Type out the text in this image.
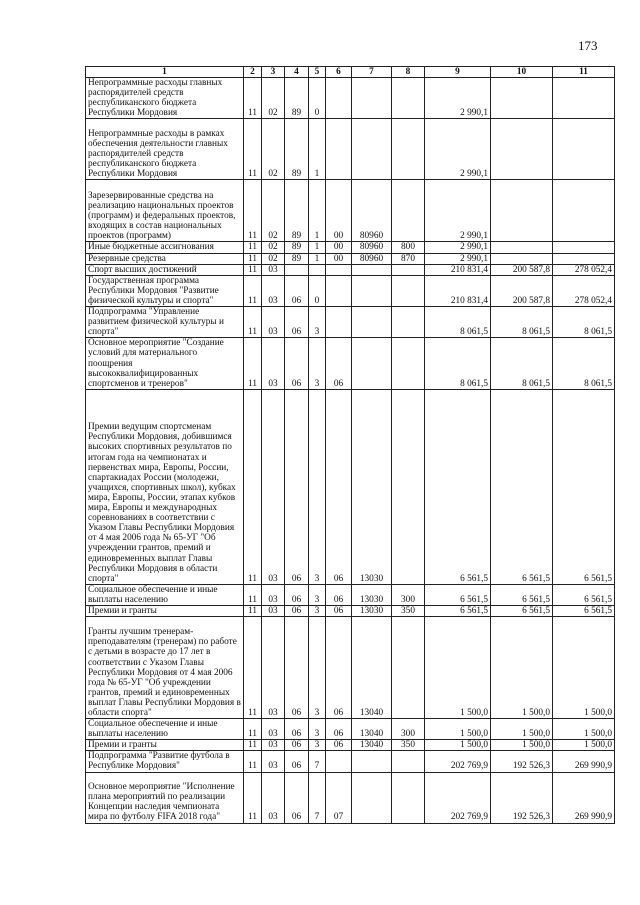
173
1	2	3	4	5	6	7	8	9	10	11
Непрограммные расходы главных распорядителей средств республиканского бюджета Республики Мордовия	11	02	89	0				2 990,1		
Непрограммные расходы в рамках обеспечения деятельности главных распорядителей средств республиканского бюджета Республики Мордовия	11	02	89	1				2 990,1		
Зарезервированные средства на реализацию национальных проектов (программ) и федеральных проектов, входящих в состав национальных проектов (программ)	11	02	89	1	00	80960		2 990,1		
Иные бюджетные ассигнования	11	02	89	1	00	80960	800	2 990,1		
Резервные средства	11	02	89	1	00	80960	870	2 990,1		
Спорт высших достижений	11	03						210 831,4	200 587,8	278 052,4
Государственная программа Республики Мордовия "Развитие физической культуры и спорта"	11	03	06	0				210 831,4	200 587,8	278 052,4
Подпрограмма "Управление развитием физической культуры и спорта"	11	03	06	3				8 061,5	8 061,5	8 061,5
Основное мероприятие "Создание условий для материального поощрения высококвалифицированных спортсменов и тренеров"	11	03	06	3	06			8 061,5	8 061,5	8 061,5
Премии ведущим спортсменам Республики Мордовия, добившимся высоких спортивных результатов по итогам года на чемпионатах и первенствах мира, Европы, России, спартакиадах России (молодежи, учащихся, спортивных школ), кубках мира, Европы, России, этапах кубков мира, Европы и международных соревнованиях в соответствии с Указом Главы Республики Мордовия от 4 мая 2006 года № 65-УГ "Об учреждении грантов, премий и единовременных выплат Главы Республики Мордовия в области спорта"	11	03	06	3	06	13030		6 561,5	6 561,5	6 561,5
Социальное обеспечение и иные выплаты населению	11	03	06	3	06	13030	300	6 561,5	6 561,5	6 561,5
Премии и гранты	11	03	06	3	06	13030	350	6 561,5	6 561,5	6 561,5
Гранты лучшим тренерам-преподавателям (тренерам) по работе с детьми в возрасте до 17 лет в соответствии с Указом Главы Республики Мордовия от 4 мая 2006 года № 65-УГ "Об учреждении грантов, премий и единовременных выплат Главы Республики Мордовия в области спорта"	11	03	06	3	06	13040		1 500,0	1 500,0	1 500,0
Социальное обеспечение и иные выплаты населению	11	03	06	3	06	13040	300	1 500,0	1 500,0	1 500,0
Премии и гранты	11	03	06	3	06	13040	350	1 500,0	1 500,0	1 500,0
Подпрограмма "Развитие футбола в Республике Мордовия"	11	03	06	7				202 769,9	192 526,3	269 990,9
Основное мероприятие "Исполнение плана мероприятий по реализации Концепции наследия чемпионата мира по футболу FIFA 2018 года"	11	03	06	7	07			202 769,9	192 526,3	269 990,9
